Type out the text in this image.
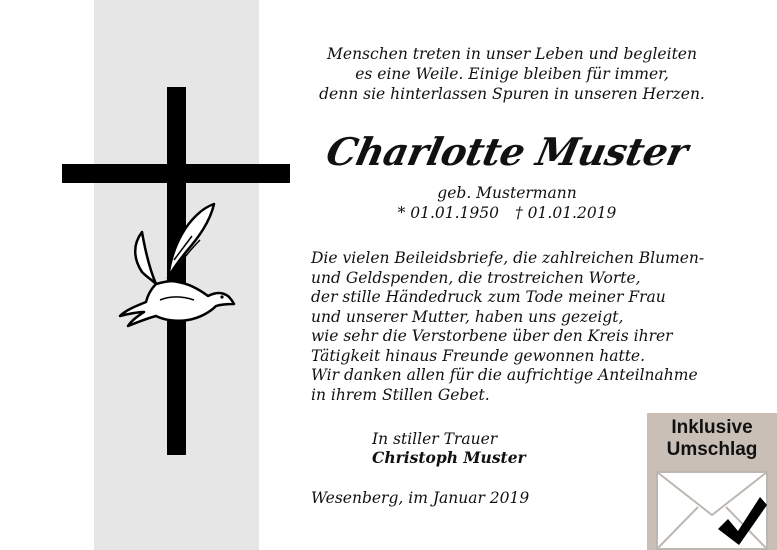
Menschen treten in unser Leben und begleiten
es eine Weile. Einige bleiben für immer,
denn sie hinterlassen Spuren in unseren Herzen.
Charlotte Muster
geb. Mustermann
* 01.01.1950 † 01.01.2019
Die vielen Beileidsbriefe, die zahlreichen Blumen-
und Geldspenden, die trostreichen Worte,
der stille Händedruck zum Tode meiner Frau
und unserer Mutter, haben uns gezeigt,
wie sehr die Verstorbene über den Kreis ihrer
Tätigkeit hinaus Freunde gewonnen hatte.
Wir danken allen für die aufrichtige Anteilnahme
in ihrem Stillen Gebet.
In stiller Trauer
Christoph Muster
Wesenberg, im Januar 2019
Inklusive
Umschlag
